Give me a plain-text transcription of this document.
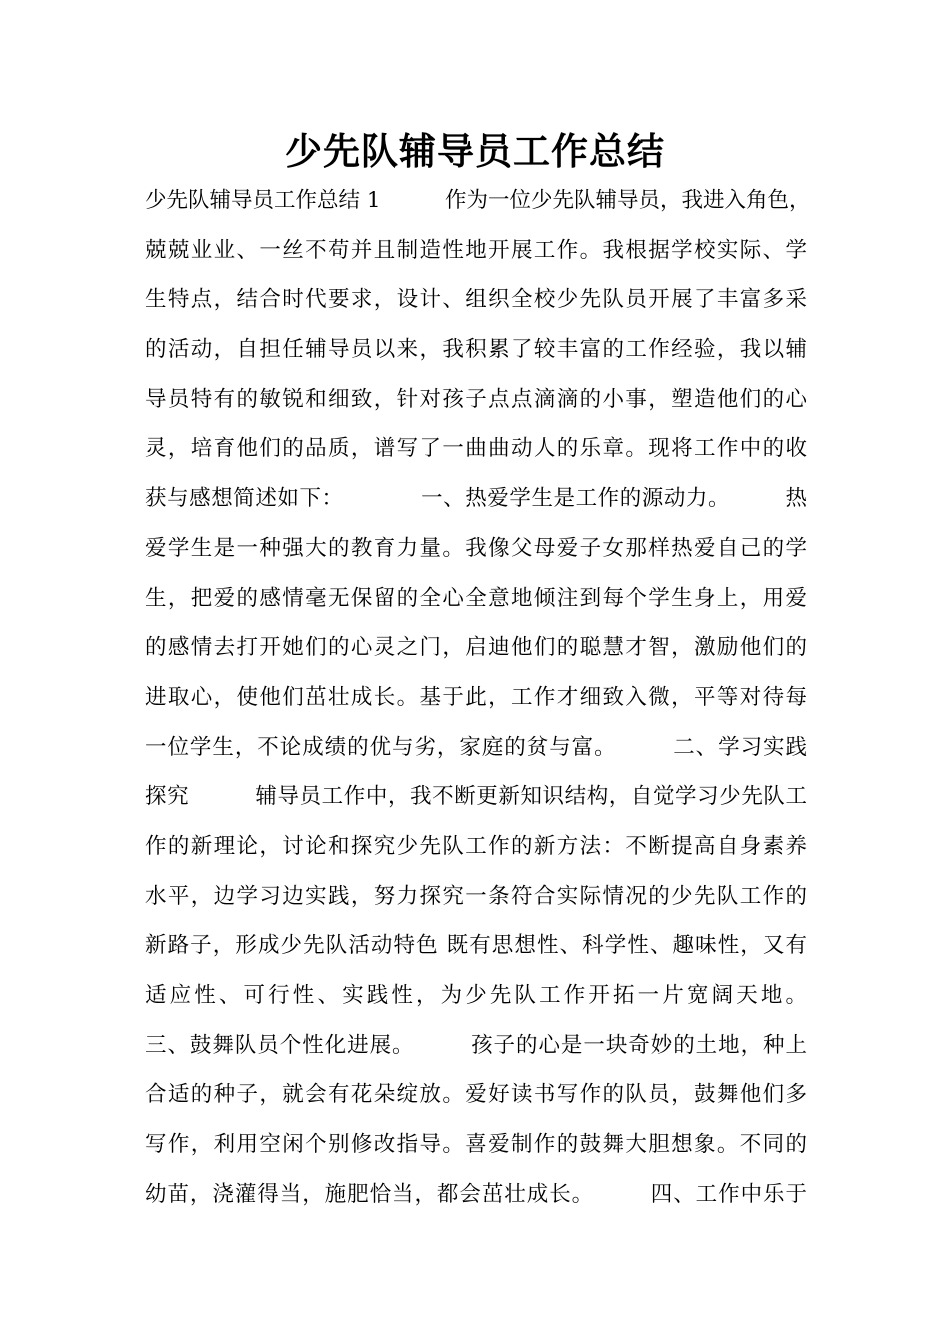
少先队辅导员工作总结
少先队辅导员工作总结 1　　　作为一位少先队辅导员，我进入角色，
兢兢业业、一丝不苟并且制造性地开展工作。我根据学校实际、学
生特点，结合时代要求，设计、组织全校少先队员开展了丰富多采
的活动，自担任辅导员以来，我积累了较丰富的工作经验，我以辅
导员特有的敏锐和细致，针对孩子点点滴滴的小事，塑造他们的心
灵，培育他们的品质，谱写了一曲曲动人的乐章。现将工作中的收
获与感想简述如下：　　　　一、热爱学生是工作的源动力。　　　热
爱学生是一种强大的教育力量。我像父母爱子女那样热爱自己的学
生，把爱的感情毫无保留的全心全意地倾注到每个学生身上，用爱
的感情去打开她们的心灵之门，启迪他们的聪慧才智，激励他们的
进取心，使他们茁壮成长。基于此，工作才细致入微，平等对待每
一位学生，不论成绩的优与劣，家庭的贫与富。　　　二、学习实践
探究　　　辅导员工作中，我不断更新知识结构，自觉学习少先队工
作的新理论，讨论和探究少先队工作的新方法：不断提高自身素养
水平，边学习边实践，努力探究一条符合实际情况的少先队工作的
新路子，形成少先队活动特色 既有思想性、科学性、趣味性，又有
适应性、可行性、实践性，为少先队工作开拓一片宽阔天地。
三、鼓舞队员个性化进展。　　　孩子的心是一块奇妙的土地，种上
合适的种子，就会有花朵绽放。爱好读书写作的队员，鼓舞他们多
写作，利用空闲个别修改指导。喜爱制作的鼓舞大胆想象。不同的
幼苗，浇灌得当，施肥恰当，都会茁壮成长。　　　四、工作中乐于
